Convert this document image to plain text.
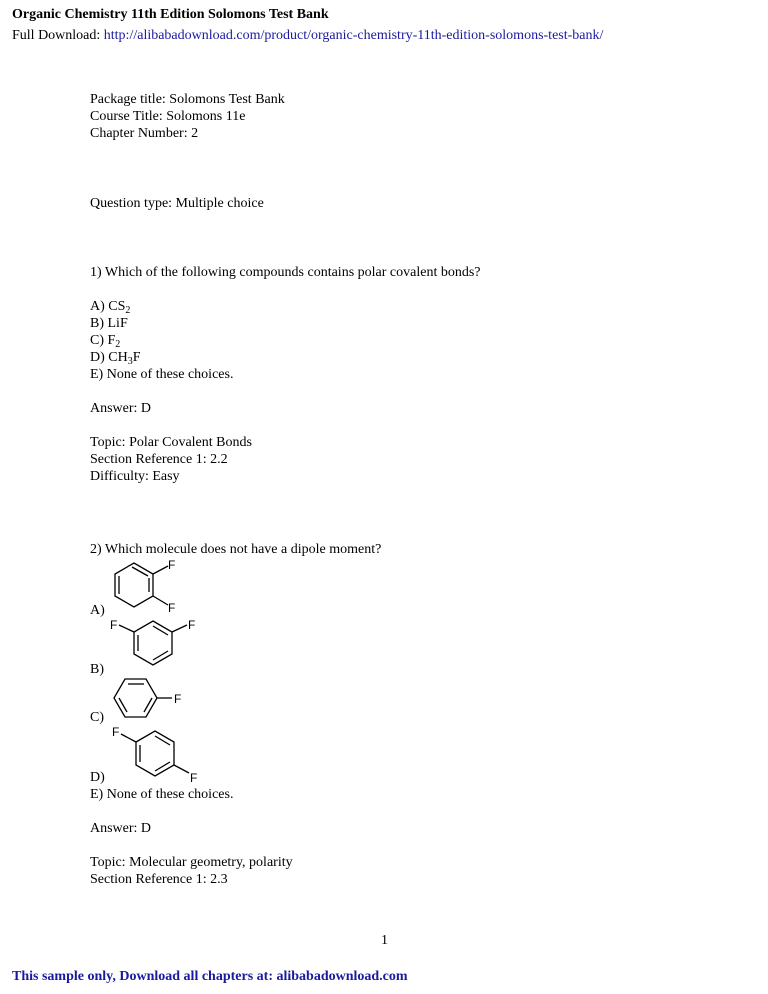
Organic Chemistry 11th Edition Solomons Test Bank
Full Download: http://alibabadownload.com/product/organic-chemistry-11th-edition-solomons-test-bank/
Package title: Solomons Test Bank
Course Title: Solomons 11e
Chapter Number: 2
Question type: Multiple choice
1) Which of the following compounds contains polar covalent bonds?
A) $CS_2$
B) LiF
C) $F_2$
D) $CH_3F$
E) None of these choices.
Answer: D
Topic: Polar Covalent Bonds
Section Reference 1: 2.2
Difficulty: Easy
2) Which molecule does not have a dipole moment?
F
F
A)
F	F
B)
F
C)
F
F
D)
E) None of these choices.
Answer: D
Topic: Molecular geometry, polarity
Section Reference 1: 2.3
1
This sample only, Download all chapters at: alibabadownload.com
